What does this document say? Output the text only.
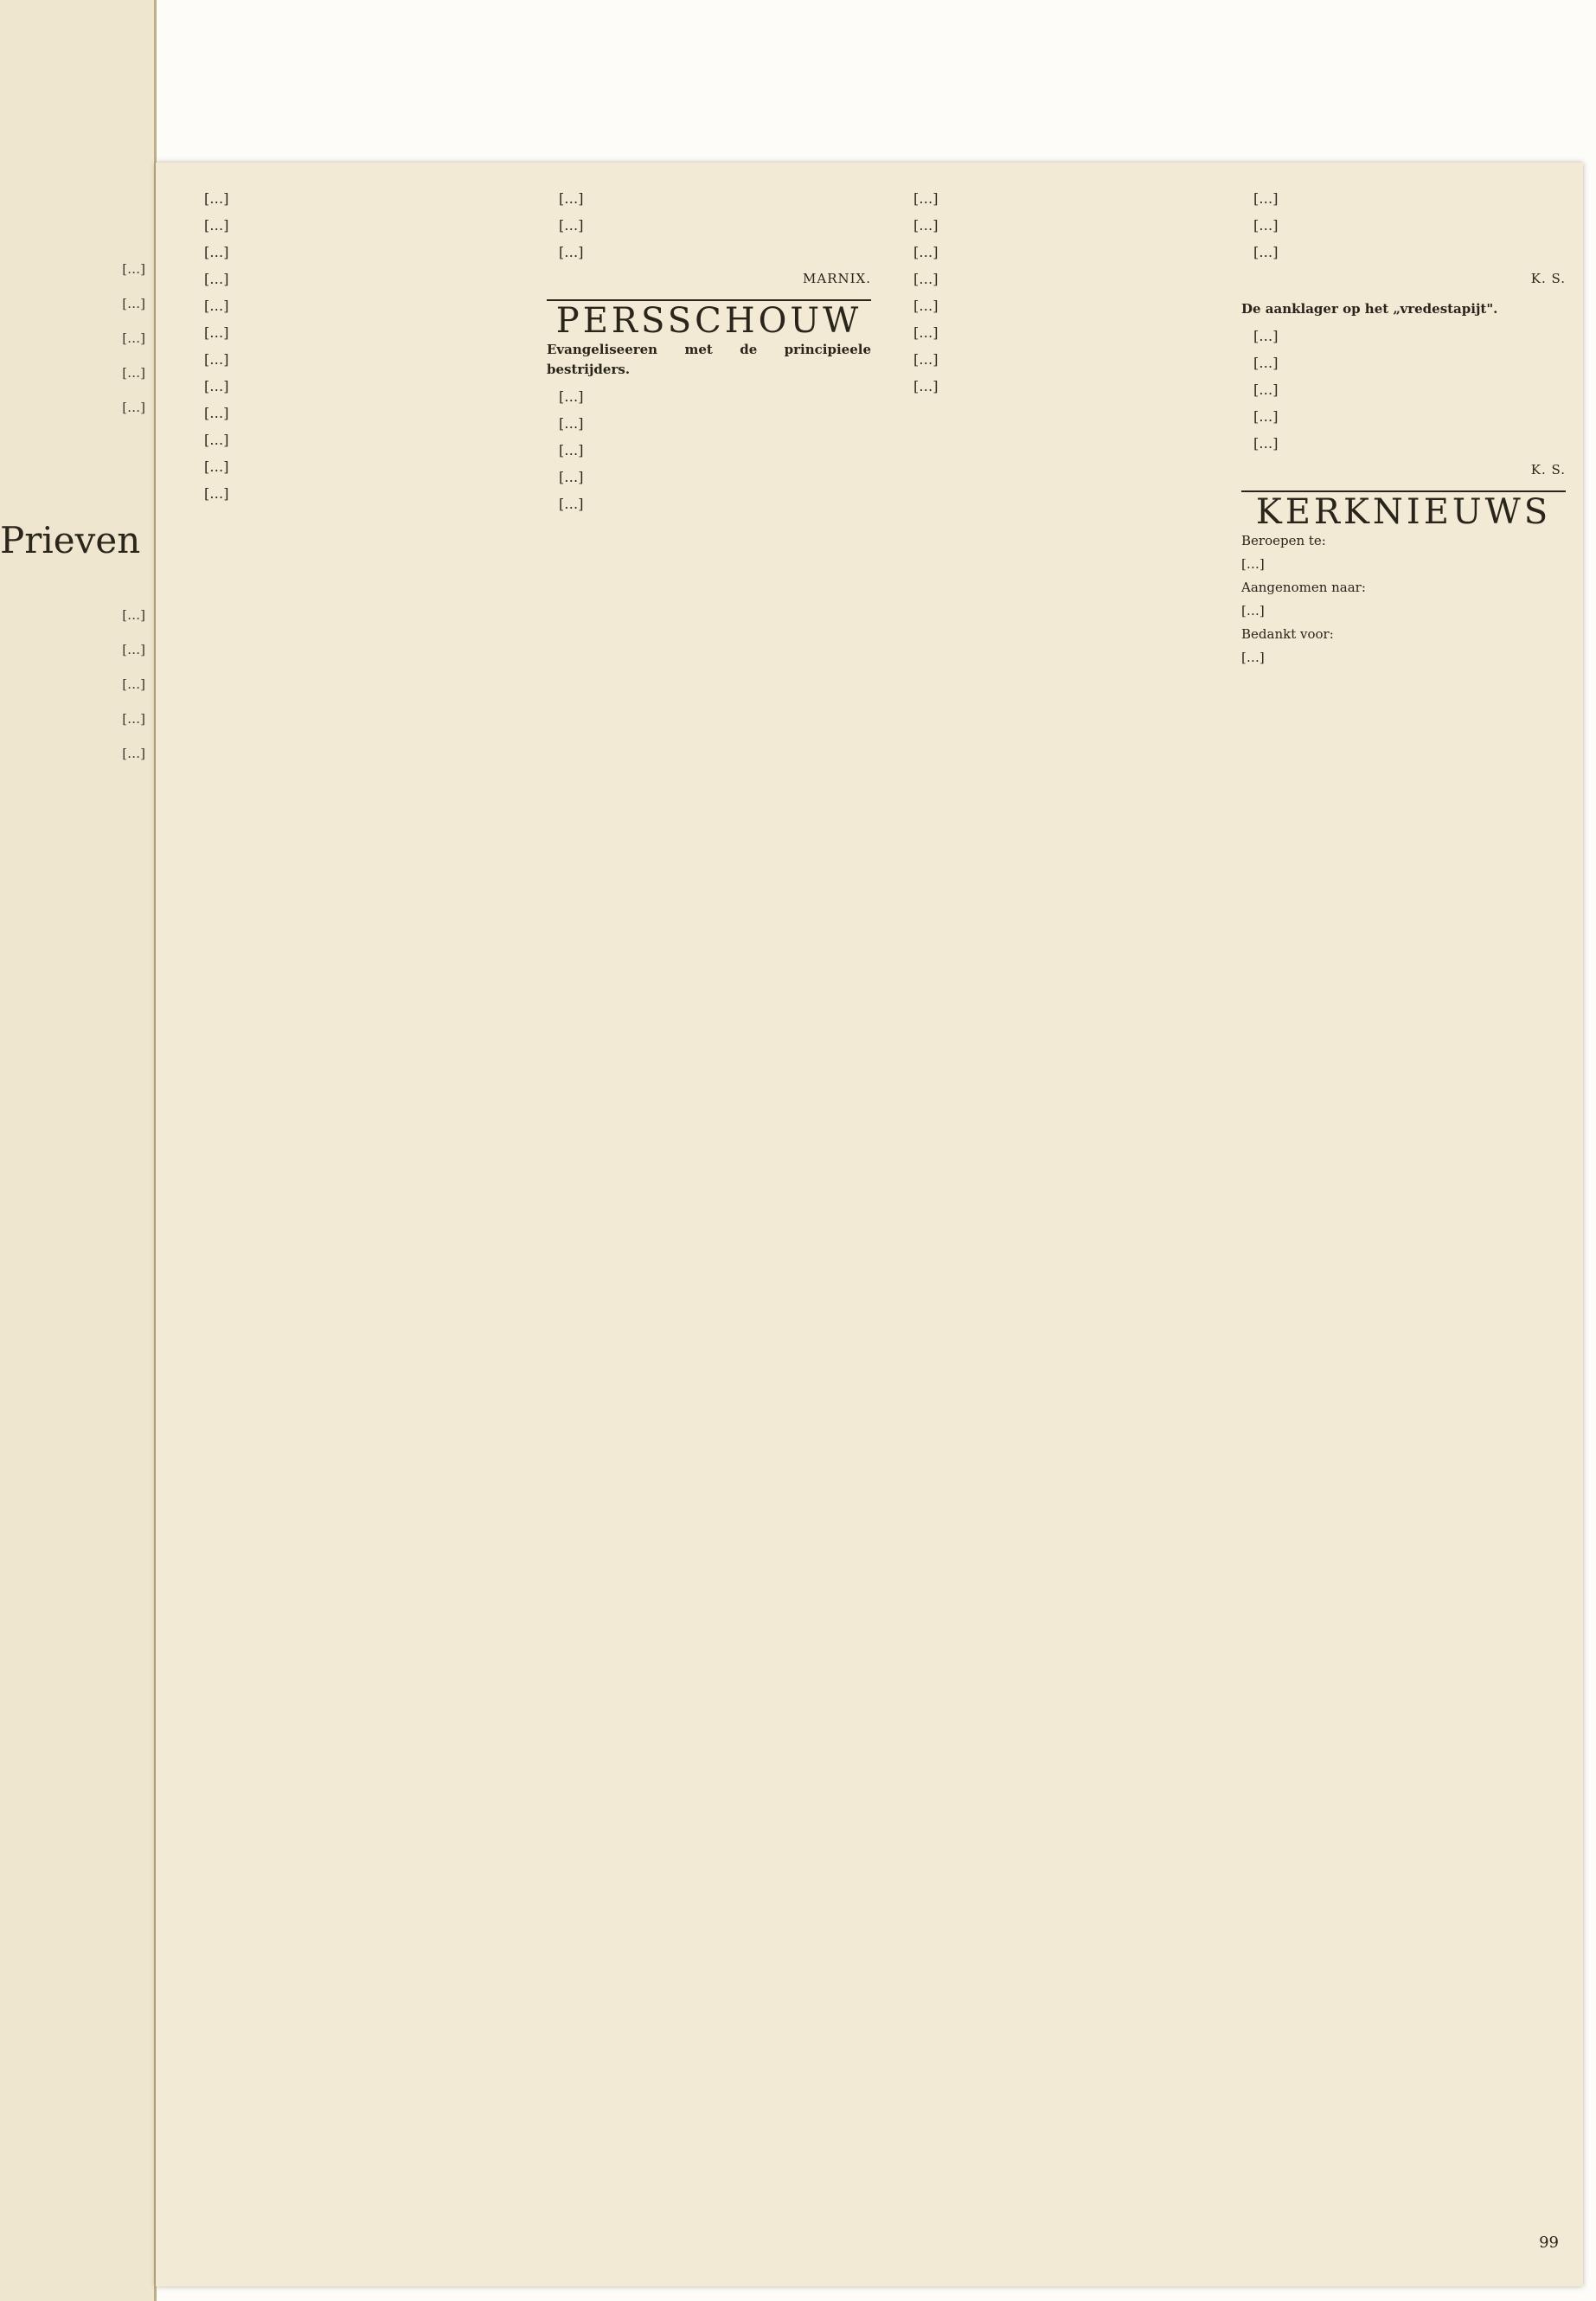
[…]
[…]
[…]
[…]
[…]
Prieven
[…]
[…]
[…]
[…]
[…]

[…]

[…]

[…]

[…]

[…]

[…]

[…]

[…]

[…]

[…]

[…]

[…]

[…]

[…]

[…]

MARNIX.
PERSSCHOUW
Evangeliseeren met de principieele bestrijders.

[…]

[…]

[…]

[…]

[…]

[…]

[…]

[…]

[…]

[…]

[…]

[…]

[…]

[…]

[…]

[…]

K. S.
De aanklager op het „vredestapijt".

[…]

[…]

[…]

[…]

[…]

K. S.
KERKNIEUWS
Beroepen te:
[…]
Aangenomen naar:
[…]
Bedankt voor:
[…]
99
